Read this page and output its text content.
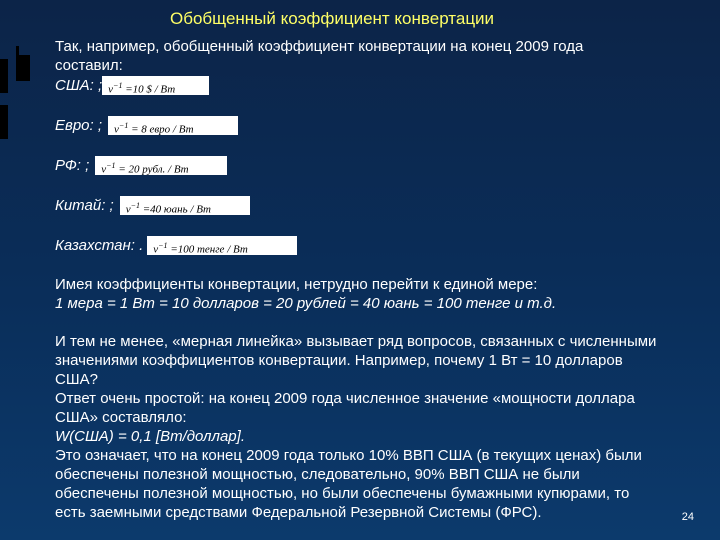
Обобщенный коэффициент конвертации

Так, например, обобщенный коэффициент конвертации на конец 2009 года

составил:

США: ; $\nu^{-1} =10$ $ / Вт
Евро: ;	$\nu^{-1} = 8$ евро / Вт
РФ: ;	$\nu^{-1} = 20$ рубл. / Вт
Китай: ;	$\nu^{-1} =40$ юань / Вт
Казахстан: . $\nu^{-1} =100$ тенге / Вт

Имея коэффициенты конвертации, нетрудно перейти к единой мере:

1 мера = 1 Вт = 10 долларов = 20 рублей = 40 юань = 100 тенге и т.д.

И тем не менее, «мерная линейка» вызывает ряд вопросов, связанных с численными

значениями коэффициентов конвертации. Например, почему 1 Вт = 10 долларов

США?

Ответ очень простой: на конец 2009 года численное значение «мощности доллара

США» составляло:

W(США) = 0,1 [Вт/доллар].

Это означает, что на конец 2009 года только 10% ВВП США (в текущих ценах) были

обеспечены полезной мощностью, следовательно, 90% ВВП США не были

обеспечены полезной мощностью, но были обеспечены бумажными купюрами, то

есть заемными средствами Федеральной Резервной Системы (ФРС).	24
